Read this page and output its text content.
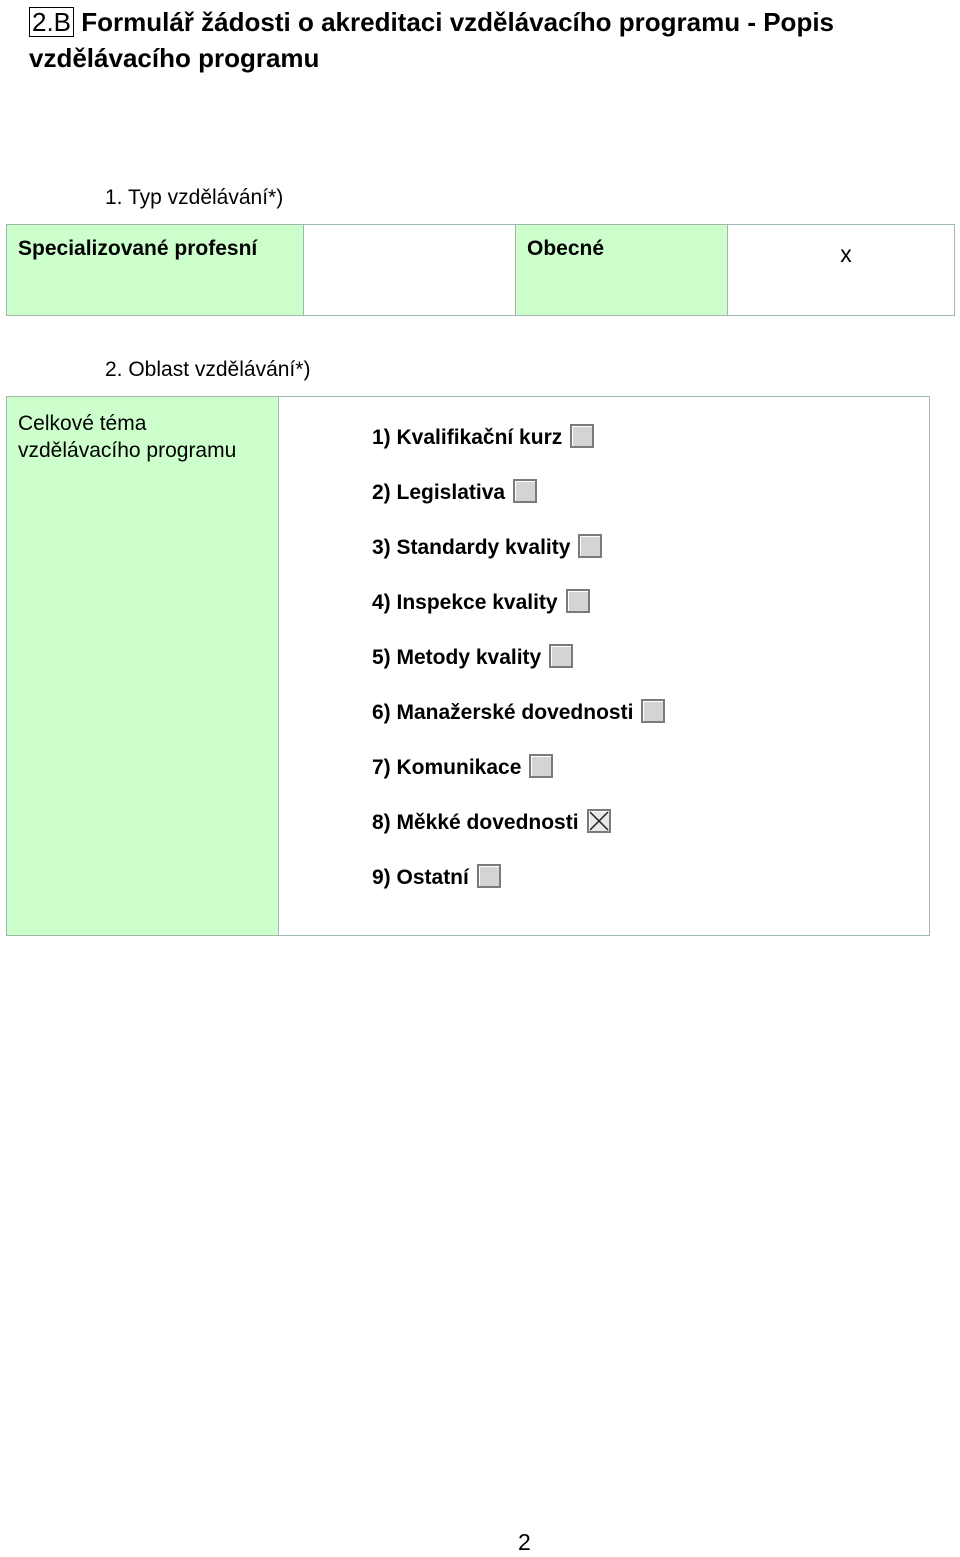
2.B Formulář žádosti o akreditaci vzdělávacího programu - Popis vzdělávacího programu
1. Typ vzdělávání*)
Specializované profesní	Obecné	x
2. Oblast vzdělávání*)
Celkové téma vzdělávacího programu
1) Kvalifikační kurz
2) Legislativa
3) Standardy kvality
4) Inspekce kvality
5) Metody kvality
6) Manažerské dovednosti
7) Komunikace
8) Měkké dovednosti
9) Ostatní
2
